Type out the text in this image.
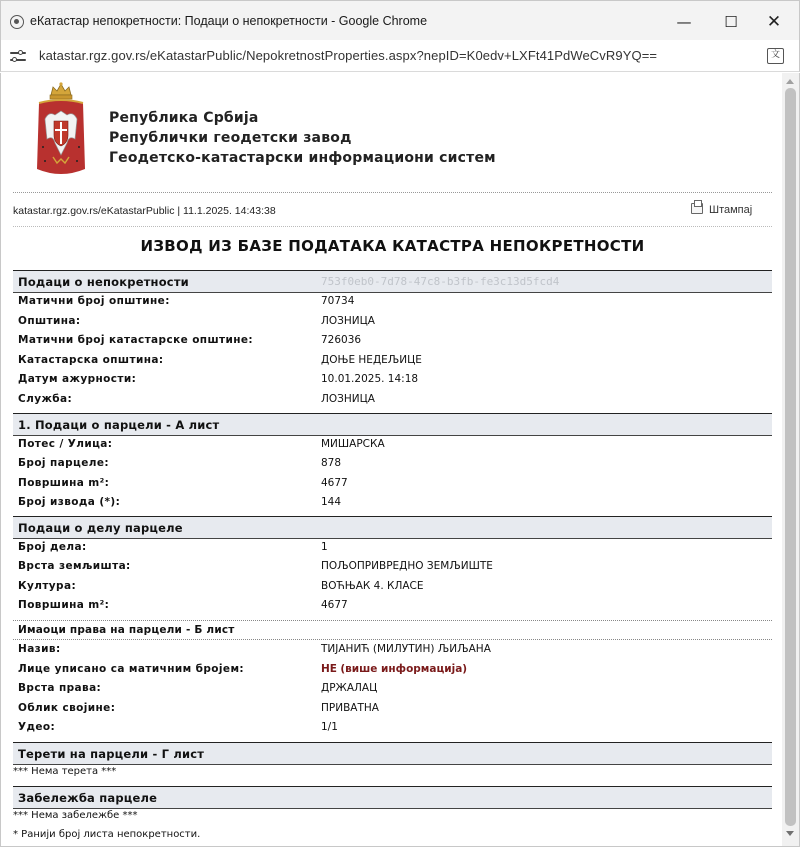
eКатастар непокретности: Подаци о непокретности - Google Chrome	—	☐	✕
katastar.rgz.gov.rs/eKatastarPublic/NepokretnostProperties.aspx?nepID=K0edv+LXFt41PdWeCvR9YQ==	文
Република Србија
Републички геодетски завод
Геодетско-катастарски информациони систем
katastar.rgz.gov.rs/eKatastarPublic | 11.1.2025. 14:43:38	Штампај
ИЗВОД ИЗ БАЗЕ ПОДАТАКА КАТАСТРА НЕПОКРЕТНОСТИ
Подаци о непокретности	753f0eb0-7d78-47c8-b3fb-fe3c13d5fcd4
Матични број општине:	70734
Општина:	ЛОЗНИЦА
Матични број катастарске општине:	726036
Катастарска општина:	ДОЊЕ НЕДЕЉИЦЕ
Датум ажурности:	10.01.2025. 14:18
Служба:	ЛОЗНИЦА
1. Подаци о парцели - А лист
Потес / Улица:	МИШАРСКА
Број парцеле:	878
Површина m²:	4677
Број извода (*):	144
Подаци о делу парцеле
Број дела:	1
Врста земљишта:	ПОЉОПРИВРЕДНО ЗЕМЉИШТЕ
Култура:	ВОЋЊАК 4. КЛАСЕ
Површина m²:	4677
Имаоци права на парцели - Б лист
Назив:	ТИЈАНИЋ (МИЛУТИН) ЉИЉАНА
Лице уписано са матичним бројем:	НЕ (више информација)
Врста права:	ДРЖАЛАЦ
Облик својине:	ПРИВАТНА
Удео:	1/1
Терети на парцели - Г лист
*** Нема терета ***
Забележба парцеле
*** Нема забележбе ***
* Ранији број листа непокретности.
